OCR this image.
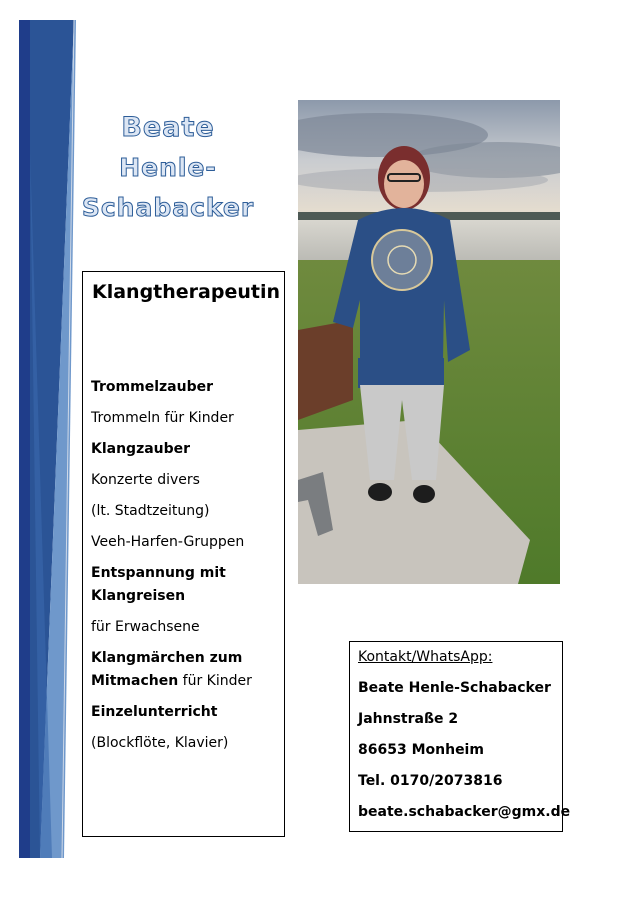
Beate
Henle-
Schabacker
Klangtherapeutin
Trommelzauber
Trommeln für Kinder
Klangzauber
Konzerte divers
(lt. Stadtzeitung)
Veeh-Harfen-Gruppen
Entspannung mit Klangreisen
für Erwachsene
Klangmärchen zum Mitmachen für Kinder
Einzelunterricht
(Blockflöte, Klavier)
Kontakt/WhatsApp:
Beate Henle-Schabacker
Jahnstraße 2
86653 Monheim
Tel. 0170/2073816
beate.schabacker@gmx.de
